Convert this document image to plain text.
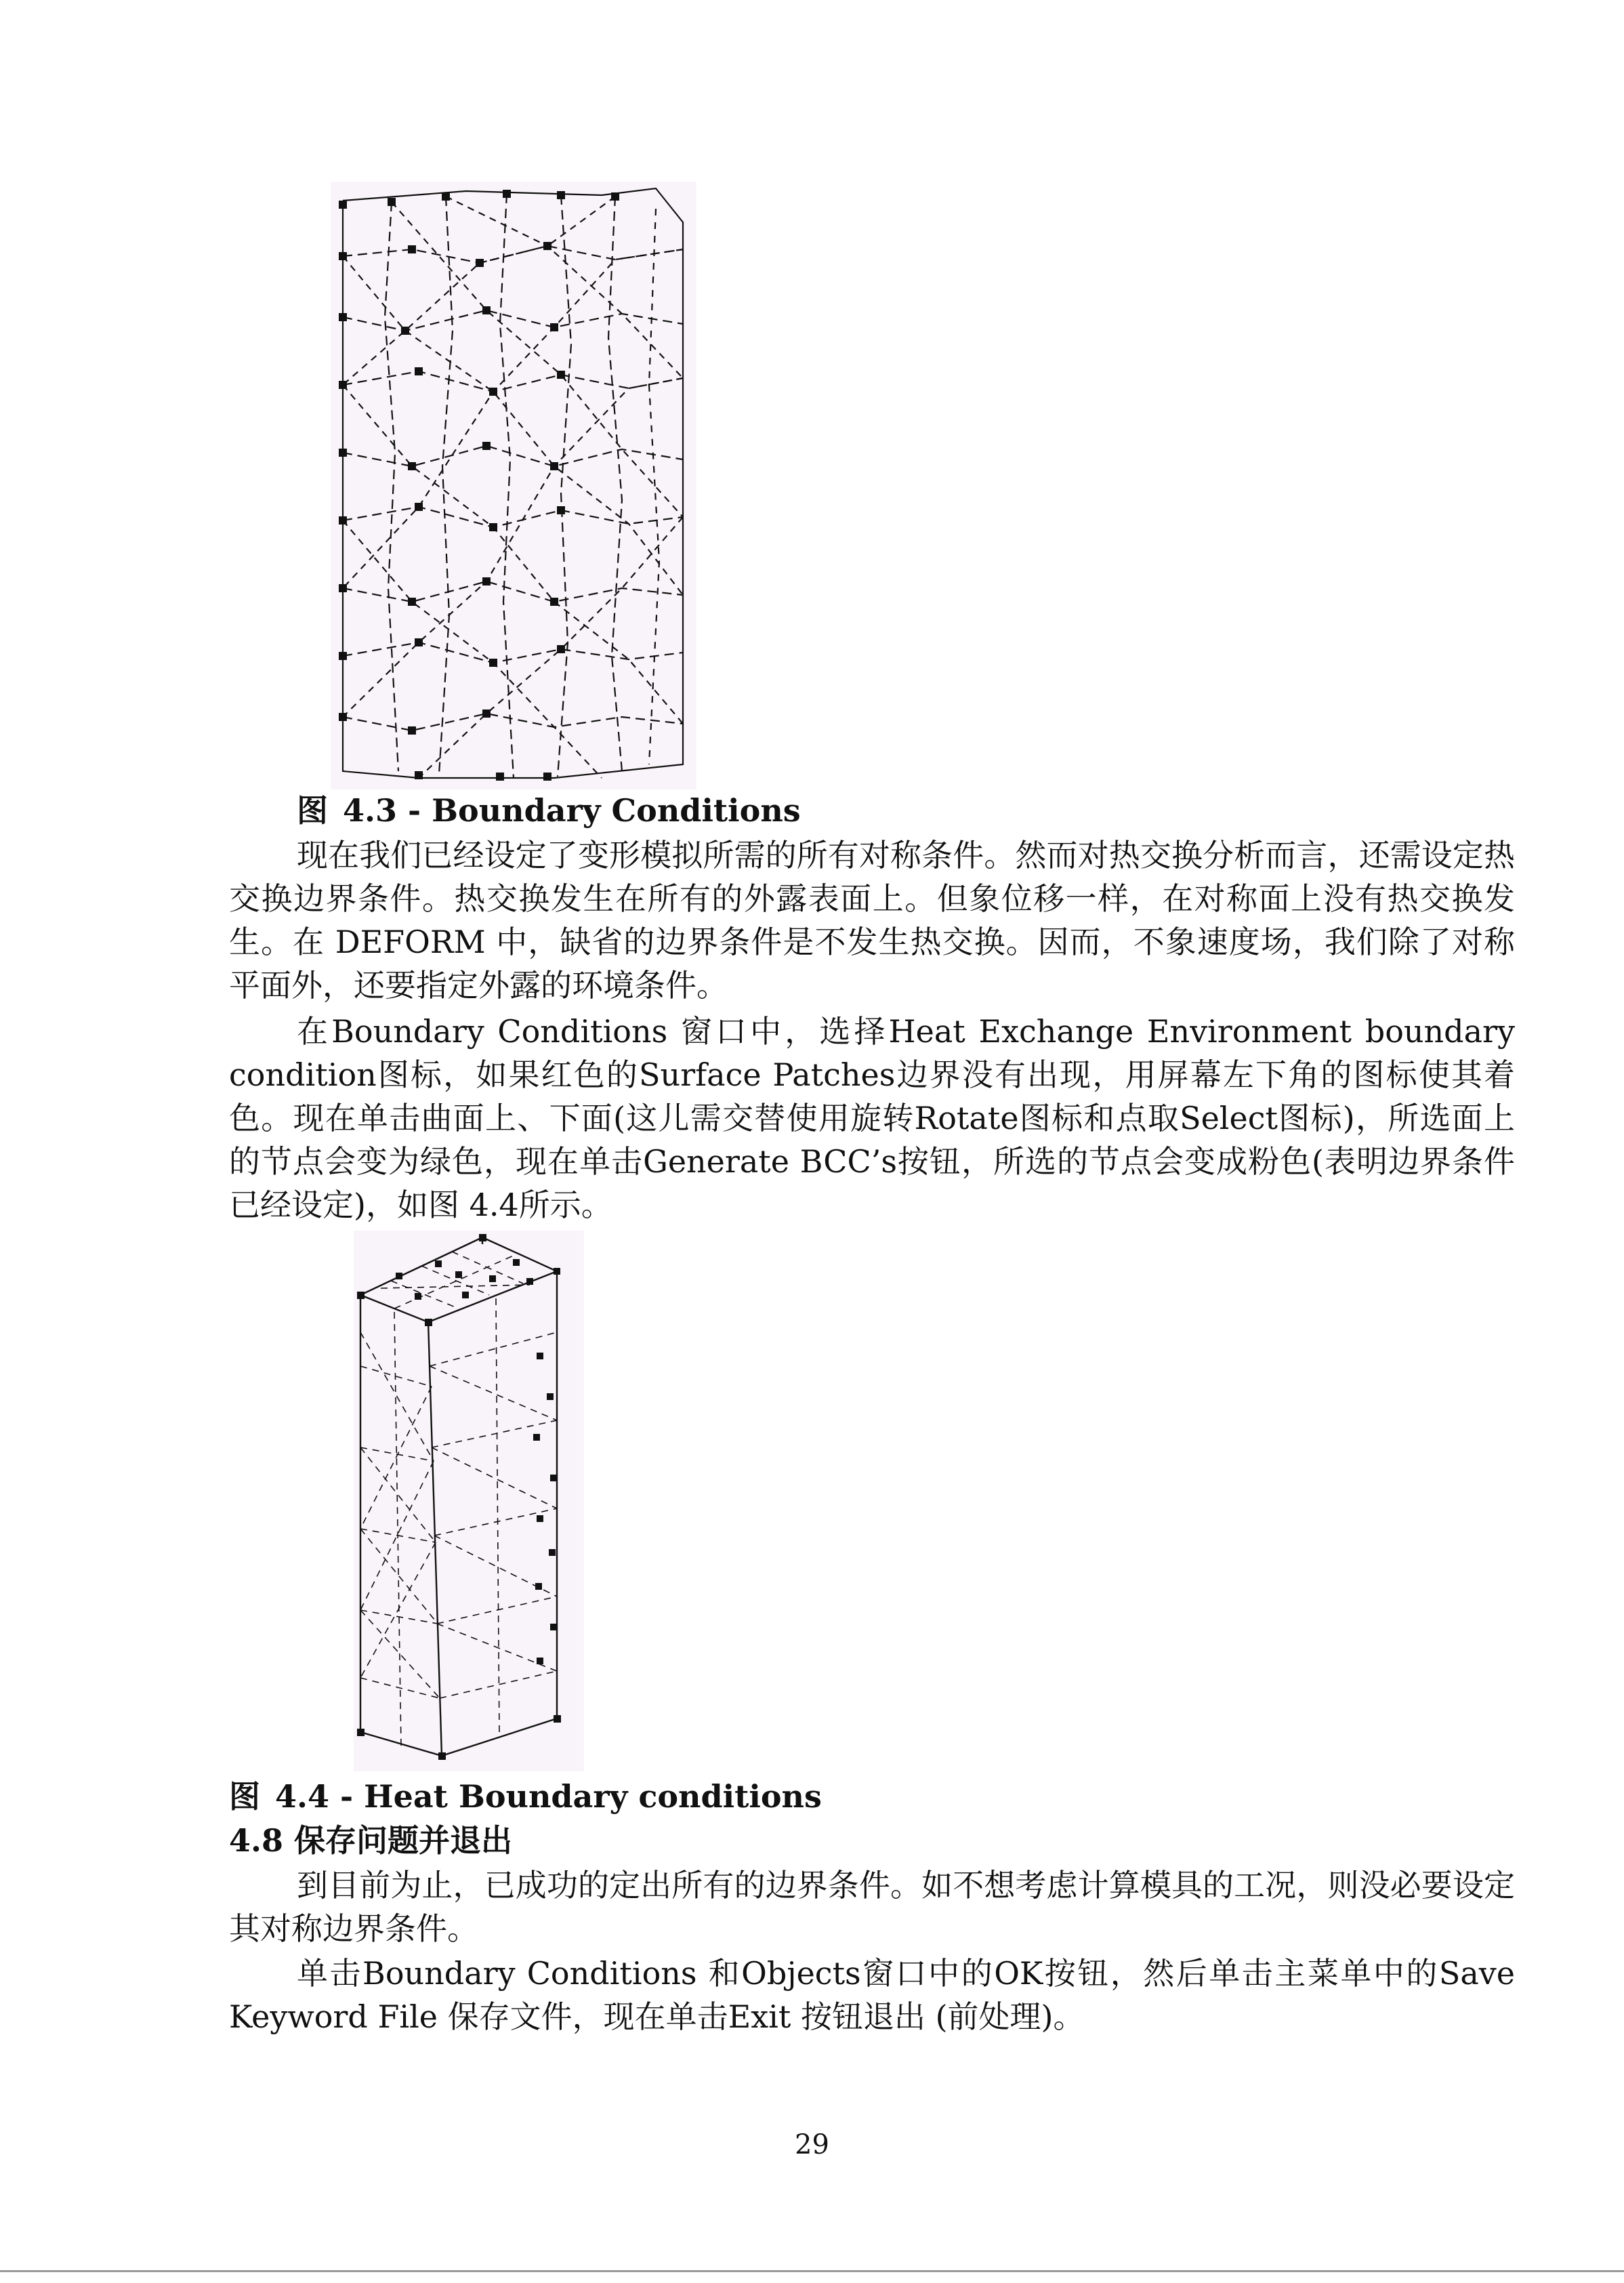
图 4.3 - Boundary Conditions

现在我们已经设定了变形模拟所需的所有对称条件。然而对热交换分析而言，还需设定热交换边界条件。热交换发生在所有的外露表面上。但象位移一样，在对称面上没有热交换发生。在 DEFORM 中，缺省的边界条件是不发生热交换。因而，不象速度场，我们除了对称平面外，还要指定外露的环境条件。

在Boundary Conditions 窗口中，选择Heat Exchange Environment boundary condition图标，如果红色的Surface Patches边界没有出现，用屏幕左下角的图标使其着色。现在单击曲面上、下面(这儿需交替使用旋转Rotate图标和点取Select图标)，所选面上的节点会变为绿色，现在单击Generate BCC’s按钮，所选的节点会变成粉色(表明边界条件已经设定)，如图 4.4所示。

图 4.4 - Heat Boundary conditions
4.8 保存问题并退出

到目前为止，已成功的定出所有的边界条件。如不想考虑计算模具的工况，则没必要设定其对称边界条件。

单击Boundary Conditions 和Objects窗口中的OK按钮，然后单击主菜单中的Save Keyword File 保存文件，现在单击Exit 按钮退出 (前处理)。

29
